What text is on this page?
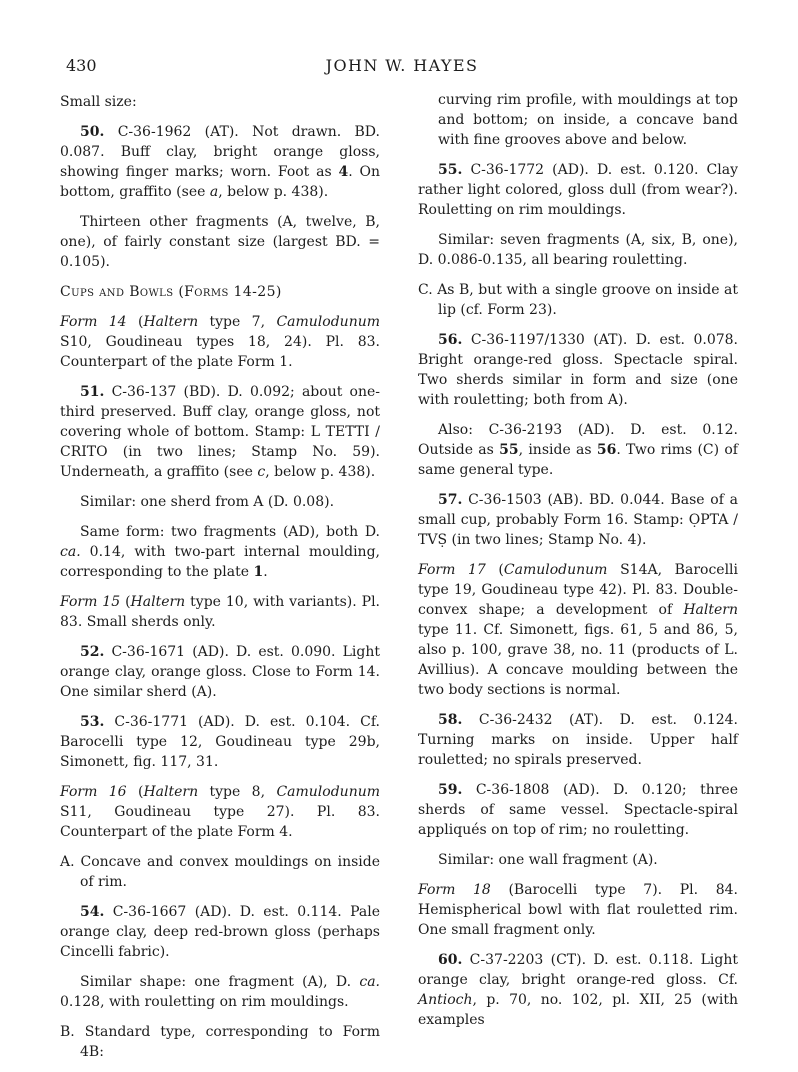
430	JOHN W. HAYES

Small size:

50. C-36-1962 (AT). Not drawn. BD. 0.087. Buff clay, bright orange gloss, showing finger marks; worn. Foot as 4. On bottom, graffito (see a, below p. 438).

Thirteen other fragments (A, twelve, B, one), of fairly constant size (largest BD. = 0.105).

Cups and Bowls (Forms 14-25)

Form 14 (Haltern type 7, Camulodunum S10, Goudineau types 18, 24). Pl. 83. Counterpart of the plate Form 1.

51. C-36-137 (BD). D. 0.092; about one-third preserved. Buff clay, orange gloss, not covering whole of bottom. Stamp: L TETTI / CRITO (in two lines; Stamp No. 59). Underneath, a graffito (see c, below p. 438).

Similar: one sherd from A (D. 0.08).

Same form: two fragments (AD), both D. ca. 0.14, with two-part internal moulding, corresponding to the plate 1.

Form 15 (Haltern type 10, with variants). Pl. 83. Small sherds only.

52. C-36-1671 (AD). D. est. 0.090. Light orange clay, orange gloss. Close to Form 14. One similar sherd (A).

53. C-36-1771 (AD). D. est. 0.104. Cf. Barocelli type 12, Goudineau type 29b, Simonett, fig. 117, 31.

Form 16 (Haltern type 8, Camulodunum S11, Goudineau type 27). Pl. 83. Counterpart of the plate Form 4.

A. Concave and convex mouldings on inside of rim.

54. C-36-1667 (AD). D. est. 0.114. Pale orange clay, deep red-brown gloss (perhaps Cincelli fabric).

Similar shape: one fragment (A), D. ca. 0.128, with rouletting on rim mouldings.

B. Standard type, corresponding to Form 4B:

curving rim profile, with mouldings at top and bottom; on inside, a concave band with fine grooves above and below.

55. C-36-1772 (AD). D. est. 0.120. Clay rather light colored, gloss dull (from wear?). Rouletting on rim mouldings.

Similar: seven fragments (A, six, B, one), D. 0.086-0.135, all bearing rouletting.

C. As B, but with a single groove on inside at lip (cf. Form 23).

56. C-36-1197/1330 (AT). D. est. 0.078. Bright orange-red gloss. Spectacle spiral. Two sherds similar in form and size (one with rouletting; both from A).

Also: C-36-2193 (AD). D. est. 0.12. Outside as 55, inside as 56. Two rims (C) of same general type.

57. C-36-1503 (AB). BD. 0.044. Base of a small cup, probably Form 16. Stamp: ỌPTA / TVṢ (in two lines; Stamp No. 4).

Form 17 (Camulodunum S14A, Barocelli type 19, Goudineau type 42). Pl. 83. Double-convex shape; a development of Haltern type 11. Cf. Simonett, figs. 61, 5 and 86, 5, also p. 100, grave 38, no. 11 (products of L. Avillius). A concave moulding between the two body sections is normal.

58. C-36-2432 (AT). D. est. 0.124. Turning marks on inside. Upper half rouletted; no spirals preserved.

59. C-36-1808 (AD). D. 0.120; three sherds of same vessel. Spectacle-spiral appliqués on top of rim; no rouletting.

Similar: one wall fragment (A).

Form 18 (Barocelli type 7). Pl. 84. Hemispherical bowl with flat rouletted rim. One small fragment only.

60. C-37-2203 (CT). D. est. 0.118. Light orange clay, bright orange-red gloss. Cf. Antioch, p. 70, no. 102, pl. XII, 25 (with examples
